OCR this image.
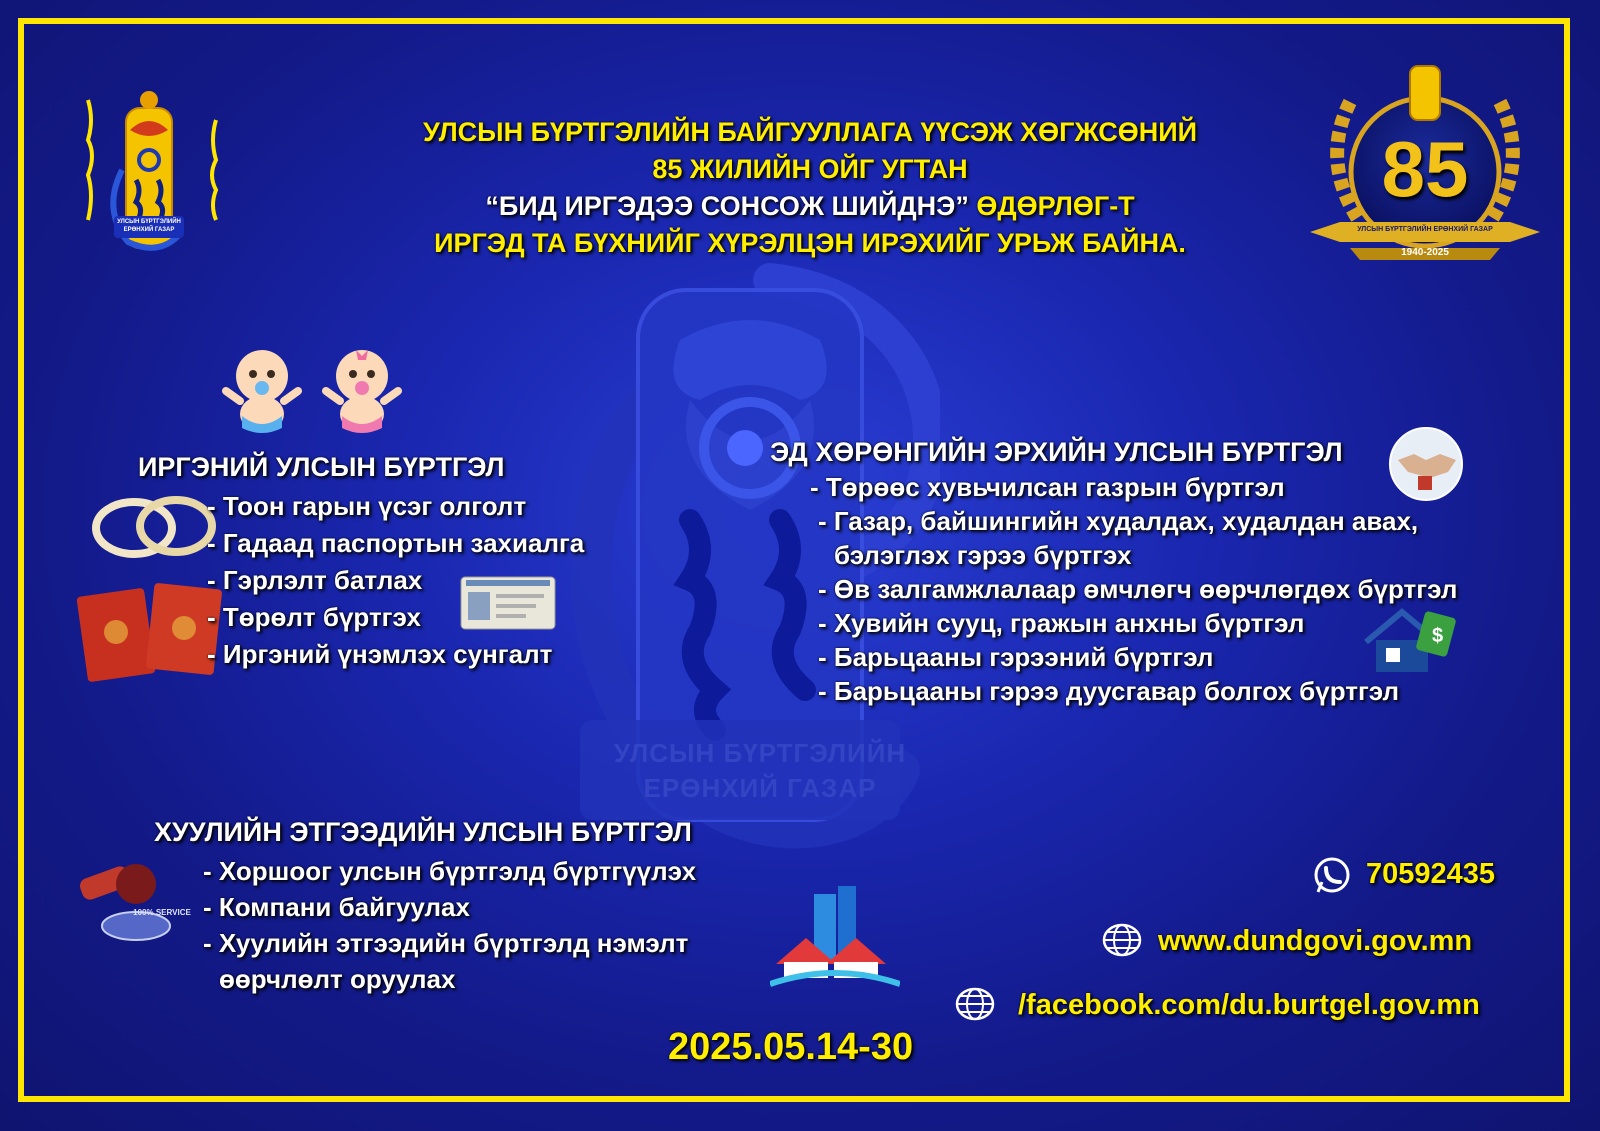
УЛСЫН БҮРТГЭЛИЙН
ЕРӨНХИЙ ГАЗАР
УЛСЫН БҮРТГЭЛИЙН ЕРӨНХИЙ ГАЗАР
УЛСЫН БҮРТГЭЛИЙН БАЙГУУЛЛАГА ҮҮСЭЖ ХӨГЖСӨНИЙ
85 ЖИЛИЙН ОЙГ УГТАН
“БИД ИРГЭДЭЭ СОНСОЖ ШИЙДНЭ” ӨДӨРЛӨГ-Т
ИРГЭД ТА БҮХНИЙГ ХҮРЭЛЦЭН ИРЭХИЙГ УРЬЖ БАЙНА.
85
УЛСЫН БҮРТГЭЛИЙН ЕРӨНХИЙ ГАЗАР
1940-2025
ИРГЭНИЙ УЛСЫН БҮРТГЭЛ
- Тоон гарын үсэг олголт
- Гадаад паспортын захиалга
- Гэрлэлт батлах
- Төрөлт бүртгэх
- Иргэний үнэмлэх сунгалт
ЭД ХӨРӨНГИЙН ЭРХИЙН УЛСЫН БҮРТГЭЛ
- Төрөөс хувьчилсан газрын бүртгэл
- Газар, байшингийн худалдах, худалдан авах,
бэлэглэх гэрээ бүртгэх
- Өв залгамжлалаар өмчлөгч өөрчлөгдөх бүртгэл
- Хувийн сууц, гражын анхны бүртгэл
- Барьцааны гэрээний бүртгэл
- Барьцааны гэрээ дуусгавар болгох бүртгэл
$
ХУУЛИЙН ЭТГЭЭДИЙН УЛСЫН БҮРТГЭЛ
100% SERVICE
- Хоршоог улсын бүртгэлд бүртгүүлэх
- Компани байгуулах
- Хуулийн этгээдийн бүртгэлд нэмэлт
өөрчлөлт оруулах
70592435
www.dundgovi.gov.mn
/facebook.com/du.burtgel.gov.mn
2025.05.14-30
